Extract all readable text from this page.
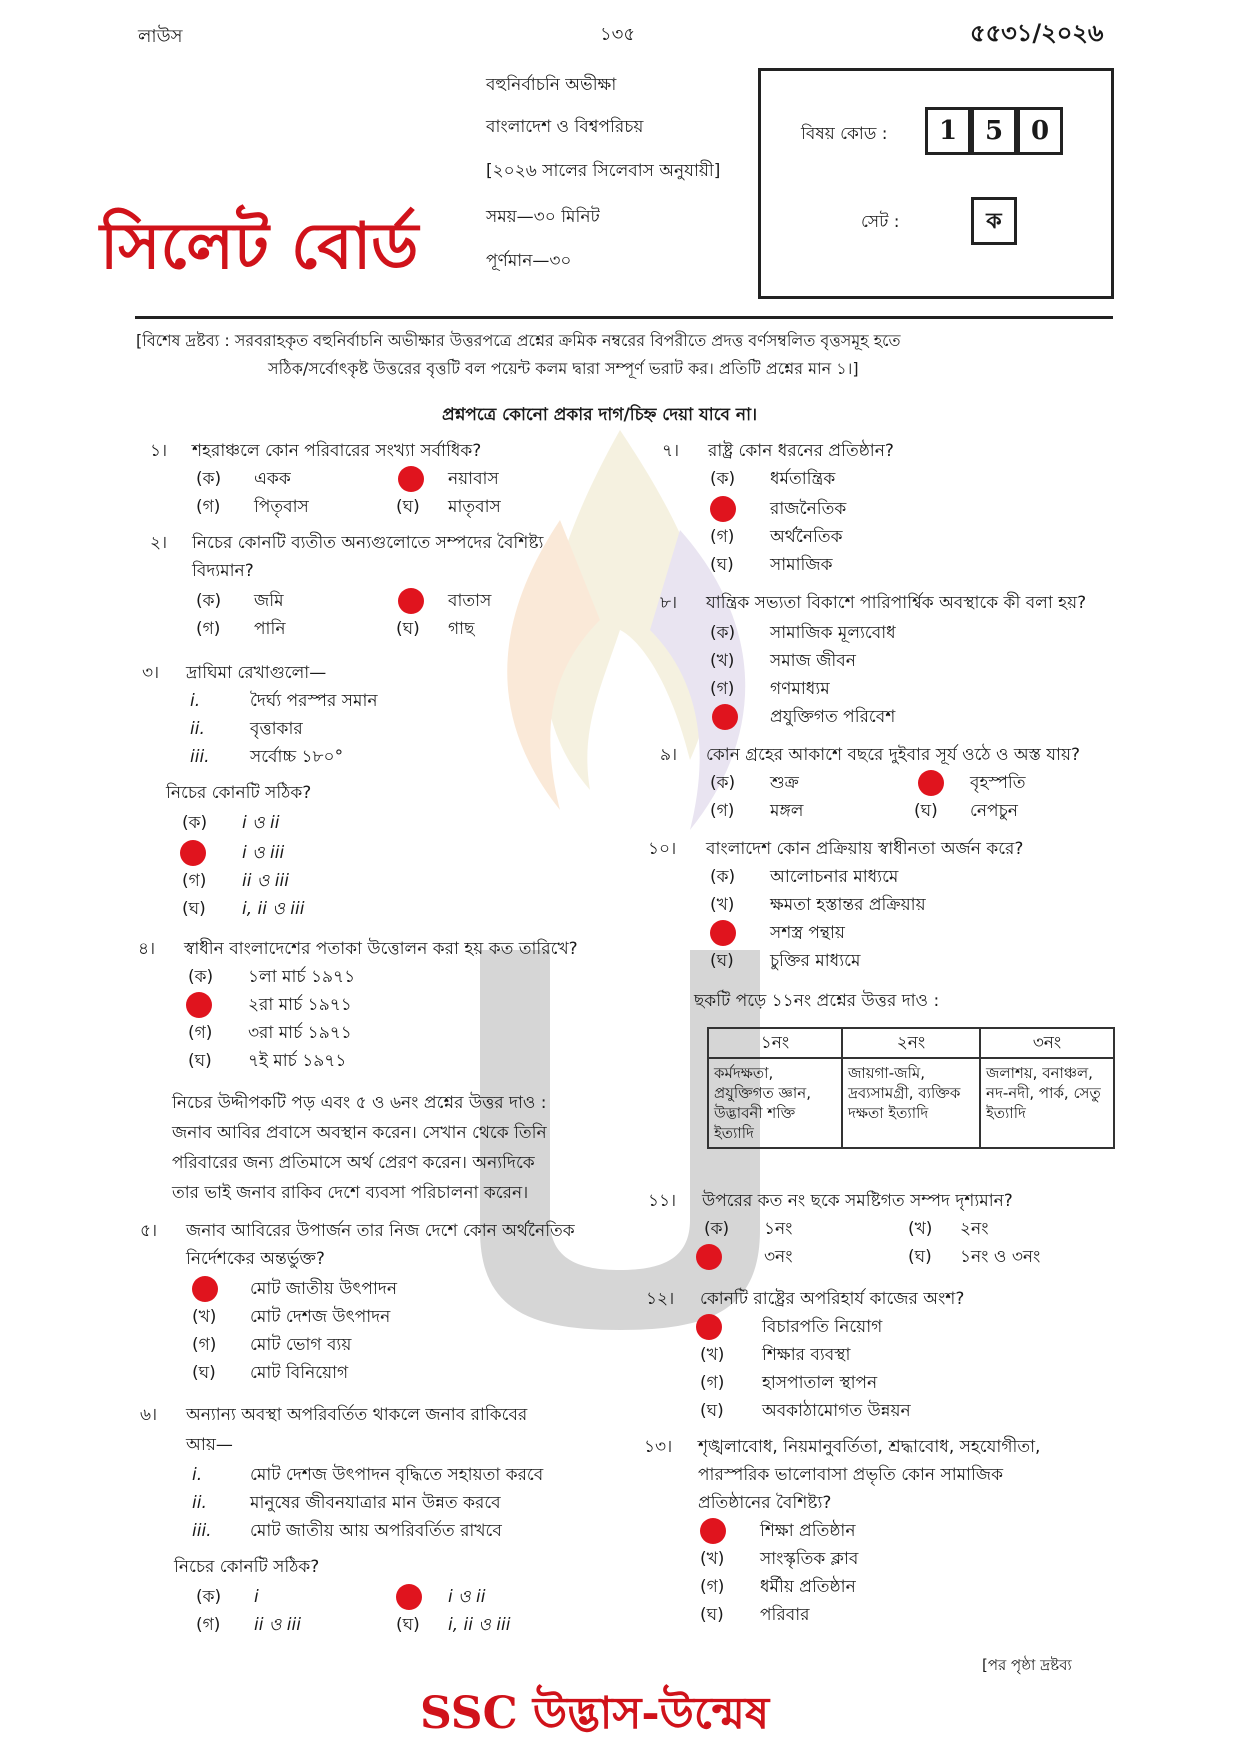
লাউস	১৩৫	৫৫৩১/২০২৬
বহুনির্বাচনি অভীক্ষা
বাংলাদেশ ও বিশ্বপরিচয়
[২০২৬ সালের সিলেবাস অনুযায়ী]
সময়—৩০ মিনিট
পূর্ণমান—৩০
সিলেট বোর্ড
বিষয় কোড :	1	5	0
সেট :	ক
[বিশেষ দ্রষ্টব্য : সরবরাহকৃত বহুনির্বাচনি অভীক্ষার উত্তরপত্রে প্রশ্নের ক্রমিক নম্বরের বিপরীতে প্রদত্ত বর্ণসম্বলিত বৃত্তসমূহ হতে
সঠিক/সর্বোৎকৃষ্ট উত্তরের বৃত্তটি বল পয়েন্ট কলম দ্বারা সম্পূর্ণ ভরাট কর। প্রতিটি প্রশ্নের মান ১।]
প্রশ্নপত্রে কোনো প্রকার দাগ/চিহ্ন দেয়া যাবে না।
১। শহরাঞ্চলে কোন পরিবারের সংখ্যা সর্বাধিক?
(ক) একক	নয়াবাস
(গ) পিতৃবাস	(ঘ) মাতৃবাস
২। নিচের কোনটি ব্যতীত অন্যগুলোতে সম্পদের বৈশিষ্ট্য
বিদ্যমান?
(ক) জমি	বাতাস
(গ) পানি	(ঘ) গাছ
৩। দ্রাঘিমা রেখাগুলো—
i.	দৈর্ঘ্য পরস্পর সমান
ii.	বৃত্তাকার
iii. সর্বোচ্চ ১৮০°
নিচের কোনটি সঠিক?
(ক) i ও ii
i ও iii
(গ) ii ও iii
(ঘ) i, ii ও iii
৪। স্বাধীন বাংলাদেশের পতাকা উত্তোলন করা হয় কত তারিখে?
(ক) ১লা মার্চ ১৯৭১
২রা মার্চ ১৯৭১
(গ) ৩রা মার্চ ১৯৭১
(ঘ) ৭ই মার্চ ১৯৭১
নিচের উদ্দীপকটি পড় এবং ৫ ও ৬নং প্রশ্নের উত্তর দাও :
জনাব আবির প্রবাসে অবস্থান করেন। সেখান থেকে তিনি
পরিবারের জন্য প্রতিমাসে অর্থ প্রেরণ করেন। অন্যদিকে
তার ভাই জনাব রাকিব দেশে ব্যবসা পরিচালনা করেন।
৫। জনাব আবিরের উপার্জন তার নিজ দেশে কোন অর্থনৈতিক
নির্দেশকের অন্তর্ভুক্ত?
মোট জাতীয় উৎপাদন
(খ) মোট দেশজ উৎপাদন
(গ) মোট ভোগ ব্যয়
(ঘ) মোট বিনিয়োগ
৬। অন্যান্য অবস্থা অপরিবর্তিত থাকলে জনাব রাকিবের
আয়—
i.	মোট দেশজ উৎপাদন বৃদ্ধিতে সহায়তা করবে
ii.	মানুষের জীবনযাত্রার মান উন্নত করবে
iii. মোট জাতীয় আয় অপরিবর্তিত রাখবে
নিচের কোনটি সঠিক?
(ক) i	i ও ii
(গ) ii ও iii	(ঘ) i, ii ও iii
৭। রাষ্ট্র কোন ধরনের প্রতিষ্ঠান?
(ক) ধর্মতান্ত্রিক
রাজনৈতিক
(গ) অর্থনৈতিক
(ঘ) সামাজিক
৮। যান্ত্রিক সভ্যতা বিকাশে পারিপার্শ্বিক অবস্থাকে কী বলা হয়?
(ক) সামাজিক মূল্যবোধ
(খ) সমাজ জীবন
(গ) গণমাধ্যম
প্রযুক্তিগত পরিবেশ
৯। কোন গ্রহের আকাশে বছরে দুইবার সূর্য ওঠে ও অস্ত যায়?
(ক) শুক্র	বৃহস্পতি
(গ) মঙ্গল	(ঘ) নেপচুন
১০। বাংলাদেশ কোন প্রক্রিয়ায় স্বাধীনতা অর্জন করে?
(ক) আলোচনার মাধ্যমে
(খ) ক্ষমতা হস্তান্তর প্রক্রিয়ায়
সশস্ত্র পন্থায়
(ঘ) চুক্তির মাধ্যমে
ছকটি পড়ে ১১নং প্রশ্নের উত্তর দাও :
১নং	২নং	৩নং
কর্মদক্ষতা, প্রযুক্তিগত জ্ঞান, উদ্ভাবনী শক্তি ইত্যাদি	জায়গা-জমি, দ্রব্যসামগ্রী, ব্যক্তিক দক্ষতা ইত্যাদি	জলাশয়, বনাঞ্চল, নদ-নদী, পার্ক, সেতু ইত্যাদি
১১। উপরের কত নং ছকে সমষ্টিগত সম্পদ দৃশ্যমান?
(ক) ১নং	(খ) ২নং
৩নং	(ঘ) ১নং ও ৩নং
১২। কোনটি রাষ্ট্রের অপরিহার্য কাজের অংশ?
বিচারপতি নিয়োগ
(খ) শিক্ষার ব্যবস্থা
(গ) হাসপাতাল স্থাপন
(ঘ) অবকাঠামোগত উন্নয়ন
১৩। শৃঙ্খলাবোধ, নিয়মানুবর্তিতা, শ্রদ্ধাবোধ, সহযোগীতা,
পারস্পরিক ভালোবাসা প্রভৃতি কোন সামাজিক
প্রতিষ্ঠানের বৈশিষ্ট্য?
শিক্ষা প্রতিষ্ঠান
(খ) সাংস্কৃতিক ক্লাব
(গ) ধর্মীয় প্রতিষ্ঠান
(ঘ) পরিবার
[পর পৃষ্ঠা দ্রষ্টব্য
SSC উদ্ভাস-উন্মেষ
